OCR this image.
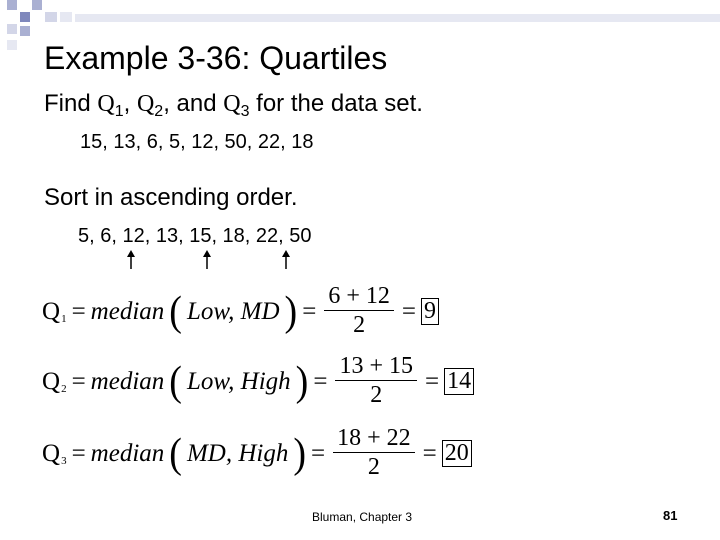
Example 3-36: Quartiles
Find $Q_1$, $Q_2$, and $Q_3$ for the data set.
15, 13, 6, 5, 12, 50, 22, 18
Sort in ascending order.
5, 6, 12, 13, 15, 18, 22, 50
$Q_1$ = median ( Low, MD ) = $\frac{6 + 12}{2} = 9$
$Q_2$ = median ( Low, High ) = $\frac{13 + 15}{2} = 14$
$Q_3$ = median ( MD, High ) = $\frac{18 + 22}{2} = 20$
Bluman, Chapter 3	81
